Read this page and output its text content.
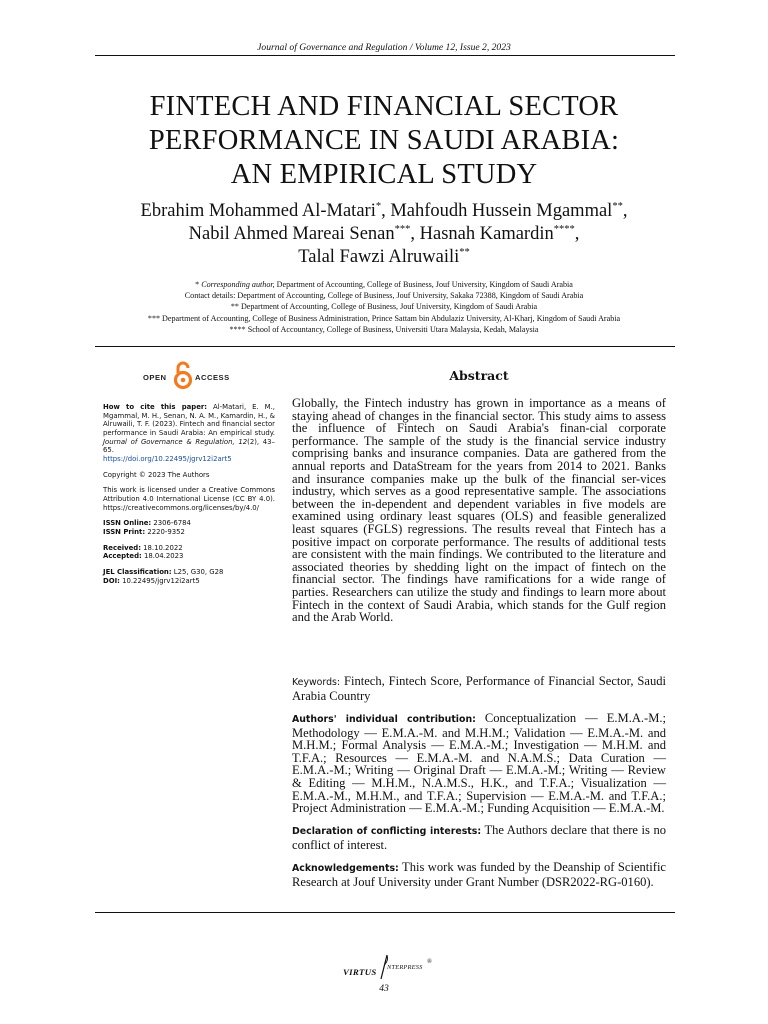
Journal of Governance and Regulation / Volume 12, Issue 2, 2023
FINTECH AND FINANCIAL SECTOR
PERFORMANCE IN SAUDI ARABIA:
AN EMPIRICAL STUDY
Ebrahim Mohammed Al-Matari*, Mahfoudh Hussein Mgammal**,
Nabil Ahmed Mareai Senan***, Hasnah Kamardin****,
Talal Fawzi Alruwaili**
* Corresponding author, Department of Accounting, College of Business, Jouf University, Kingdom of Saudi Arabia
Contact details: Department of Accounting, College of Business, Jouf University, Sakaka 72388, Kingdom of Saudi Arabia
** Department of Accounting, College of Business, Jouf University, Kingdom of Saudi Arabia
*** Department of Accounting, College of Business Administration, Prince Sattam bin Abdulaziz University, Al-Kharj, Kingdom of Saudi Arabia
**** School of Accountancy, College of Business, Universiti Utara Malaysia, Kedah, Malaysia
OPEN	ACCESS

How to cite this paper: Al-Matari, E. M., Mgammal, M. H., Senan, N. A. M., Kamardin, H., & Alruwaili, T. F. (2023). Fintech and financial sector performance in Saudi Arabia: An empirical study. Journal of Governance & Regulation, 12(2), 43–65.
https://doi.org/10.22495/jgrv12i2art5

Copyright © 2023 The Authors

This work is licensed under a Creative Commons Attribution 4.0 International License (CC BY 4.0). https://creativecommons.org/licenses/by/4.0/

ISSN Online: 2306-6784
ISSN Print: 2220-9352

Received: 18.10.2022
Accepted: 18.04.2023

JEL Classification: L25, G30, G28
DOI: 10.22495/jgrv12i2art5

Abstract
Globally, the Fintech industry has grown in importance as a means of staying ahead of changes in the financial sector. This study aims to assess the influence of Fintech on Saudi Arabia's finan-cial corporate performance. The sample of the study is the financial service industry comprising banks and insurance companies. Data are gathered from the annual reports and DataStream for the years from 2014 to 2021. Banks and insurance companies make up the bulk of the financial ser-vices industry, which serves as a good representative sample. The associations between the in-dependent and dependent variables in five models are examined using ordinary least squares (OLS) and feasible generalized least squares (FGLS) regressions. The results reveal that Fintech has a positive impact on corporate performance. The results of additional tests are consistent with the main findings. We contributed to the literature and associated theories by shedding light on the impact of fintech on the financial sector. The findings have ramifications for a wide range of parties. Researchers can utilize the study and findings to learn more about Fintech in the context of Saudi Arabia, which stands for the Gulf region and the Arab World.
Keywords: Fintech, Fintech Score, Performance of Financial Sector, Saudi Arabia Country
Authors' individual contribution: Conceptualization — E.M.A.-M.; Methodology — E.M.A.-M. and M.H.M.; Validation — E.M.A.-M. and M.H.M.; Formal Analysis — E.M.A.-M.; Investigation — M.H.M. and T.F.A.; Resources — E.M.A.-M. and N.A.M.S.; Data Curation — E.M.A.-M.; Writing — Original Draft — E.M.A.-M.; Writing — Review & Editing — M.H.M., N.A.M.S., H.K., and T.F.A.; Visualization — E.M.A.-M., M.H.M., and T.F.A.; Supervision — E.M.A.-M. and T.F.A.; Project Administration — E.M.A.-M.; Funding Acquisition — E.M.A.-M.
Declaration of conflicting interests: The Authors declare that there is no conflict of interest.
Acknowledgements: This work was funded by the Deanship of Scientific Research at Jouf University under Grant Number (DSR2022-RG-0160).
VIRTUS NTERPRESS
®
43
